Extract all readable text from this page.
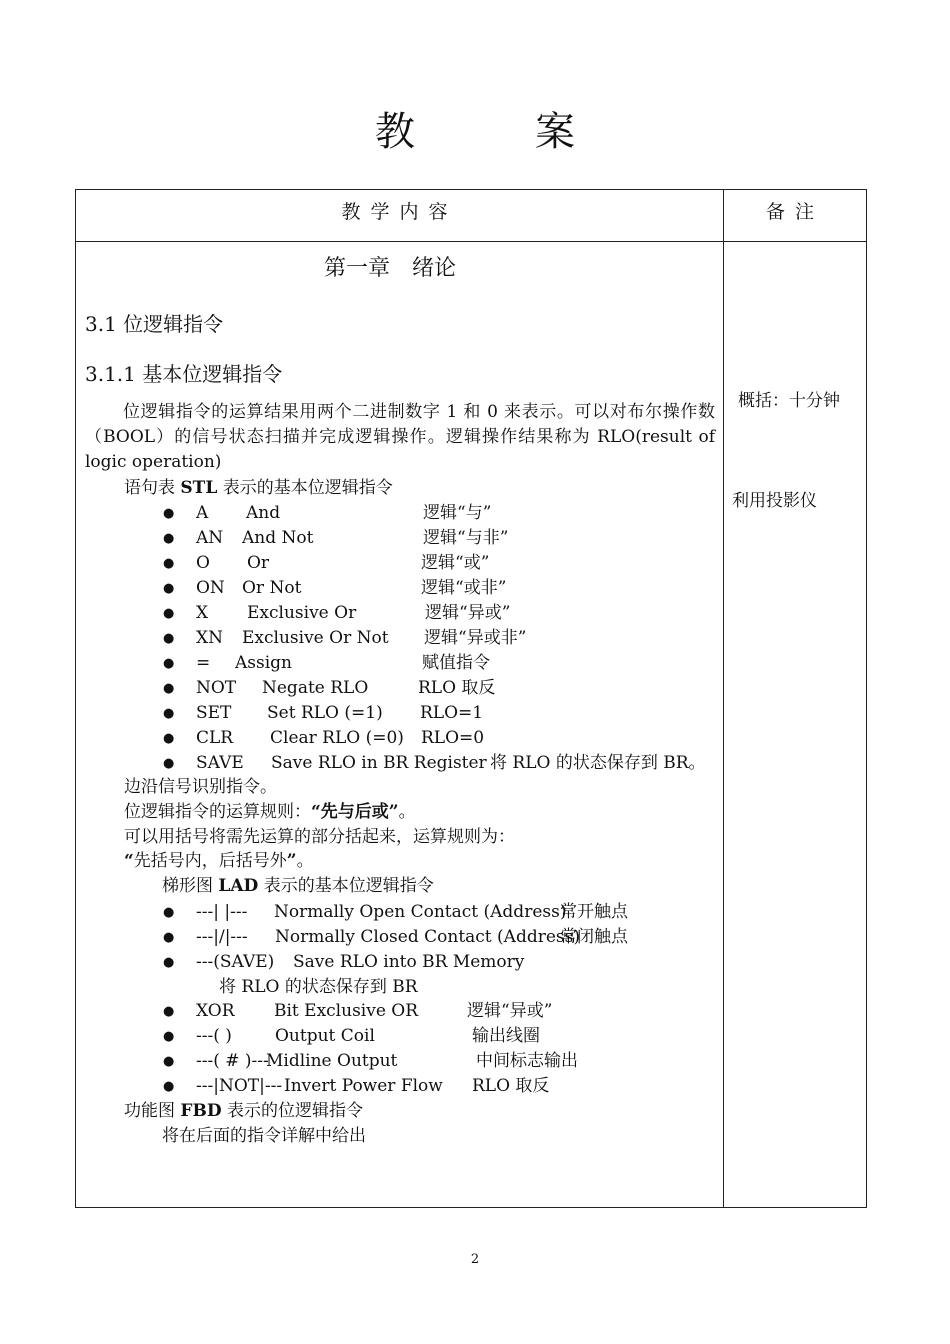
教　案
教学内容	备注
第一章　绪论
3.1 位逻辑指令
3.1.1 基本位逻辑指令
位逻辑指令的运算结果用两个二进制数字 1 和 0 来表示。可以对布尔操作数（BOOL）的信号状态扫描并完成逻辑操作。逻辑操作结果称为 RLO(result of logic operation)
语句表 STL 表示的基本位逻辑指令
边沿信号识别指令。
位逻辑指令的运算规则：“先与后或”。
可以用括号将需先运算的部分括起来，运算规则为：
“先括号内，后括号外”。
梯形图 LAD 表示的基本位逻辑指令
将 RLO 的状态保存到 BR
功能图 FBD 表示的位逻辑指令
将在后面的指令详解中给出
概括：十分钟
利用投影仪
● A And	逻辑“与”
● AN And Not	逻辑“与非”
● O Or	逻辑“或”
● ON Or Not	逻辑“或非”
● X Exclusive Or	逻辑“异或”
● XN Exclusive Or Not 逻辑“异或非”
● = Assign	赋值指令
● NOT Negate RLO	RLO 取反
● SET Set RLO (=1) RLO=1
● CLR Clear RLO (=0) RLO=0
● SAVE Save RLO in BR Register 将 RLO 的状态保存到 BR。
● ---| |--- Normally Open Contact (Address)
常开触点
● ---|/|--- Normally Closed Contact (Address)
常闭触点
● ---(SAVE) Save RLO into BR Memory
● XOR Bit Exclusive OR	逻辑“异或”
● ---( )	Output Coil	输出线圈
● ---( # )---
Midline Output	中间标志输出
● ---|NOT|--- Invert Power Flow RLO 取反
2
